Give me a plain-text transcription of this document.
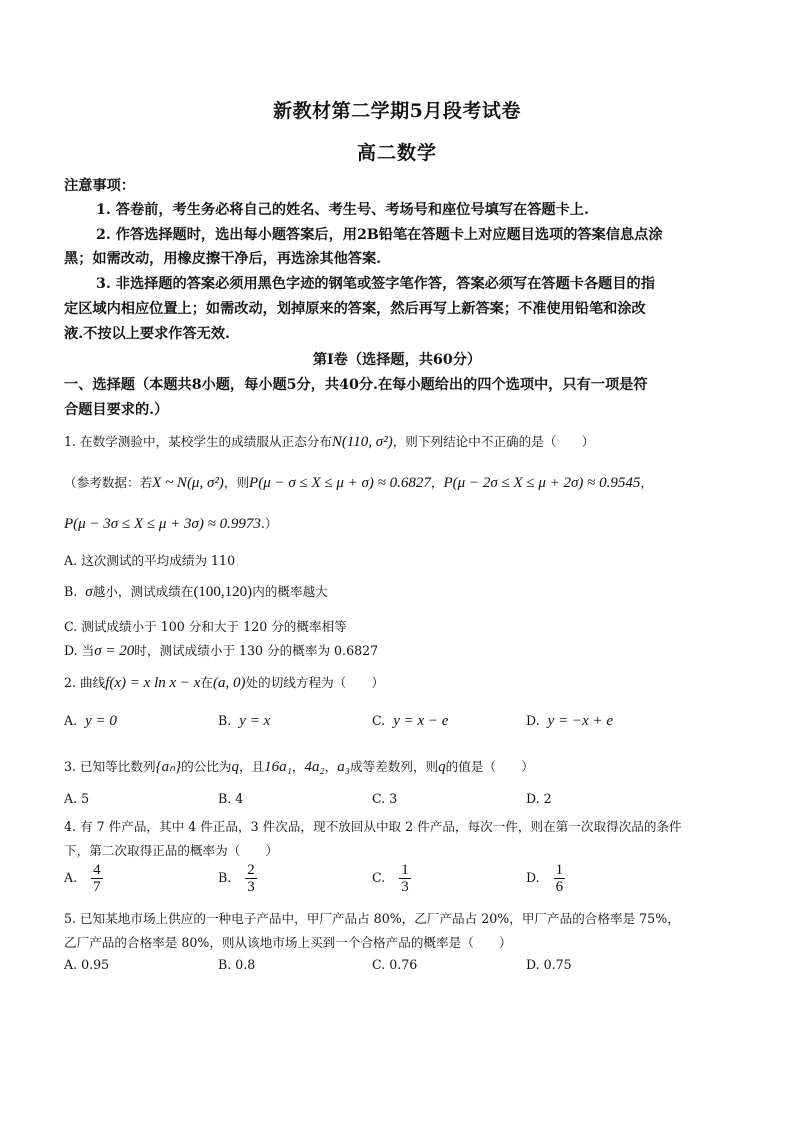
新教材第二学期5月段考试卷
高二数学
注意事项：
1. 答卷前，考生务必将自己的姓名、考生号、考场号和座位号填写在答题卡上.
2. 作答选择题时，选出每小题答案后，用2B铅笔在答题卡上对应题目选项的答案信息点涂
黑；如需改动，用橡皮擦干净后，再选涂其他答案.
3. 非选择题的答案必须用黑色字迹的钢笔或签字笔作答，答案必须写在答题卡各题目的指
定区域内相应位置上；如需改动，划掉原来的答案，然后再写上新答案；不准使用铅笔和涂改
液.不按以上要求作答无效.
第Ⅰ卷（选择题，共60分）
一、选择题（本题共8小题，每小题5分，共40分.在每小题给出的四个选项中，只有一项是符
合题目要求的.）
1. 在数学测验中，某校学生的成绩服从正态分布N(110, σ²)，则下列结论中不正确的是（　　）
（参考数据：若X ~ N(μ, σ²)，则P(μ − σ ≤ X ≤ μ + σ) ≈ 0.6827，P(μ − 2σ ≤ X ≤ μ + 2σ) ≈ 0.9545，
P(μ − 3σ ≤ X ≤ μ + 3σ) ≈ 0.9973.）
A. 这次测试的平均成绩为 110
B. σ越小，测试成绩在(100,120)内的概率越大
C. 测试成绩小于 100 分和大于 120 分的概率相等
D. 当σ = 20时，测试成绩小于 130 分的概率为 0.6827
2. 曲线f(x) = x ln x − x在(a, 0)处的切线方程为（　　）
A. y = 0	B. y = x	C. y = x − e	D. y = −x + e
3. 已知等比数列{aₙ}的公比为q，且16a₁，4a₂，a₃成等差数列，则q的值是（　　）
A. 5	B. 4	C. 3	D. 2
4. 有 7 件产品，其中 4 件正品，3 件次品，现不放回从中取 2 件产品，每次一件，则在第一次取得次品的条件
下，第二次取得正品的概率为（　　）
A. $\frac{4}{7}$	B. $\frac{2}{3}$	C. $\frac{1}{3}$	D. $\frac{1}{6}$
5. 已知某地市场上供应的一种电子产品中，甲厂产品占 80%，乙厂产品占 20%，甲厂产品的合格率是 75%，
乙厂产品的合格率是 80%，则从该地市场上买到一个合格产品的概率是（　　）
A. 0.95	B. 0.8	C. 0.76	D. 0.75
